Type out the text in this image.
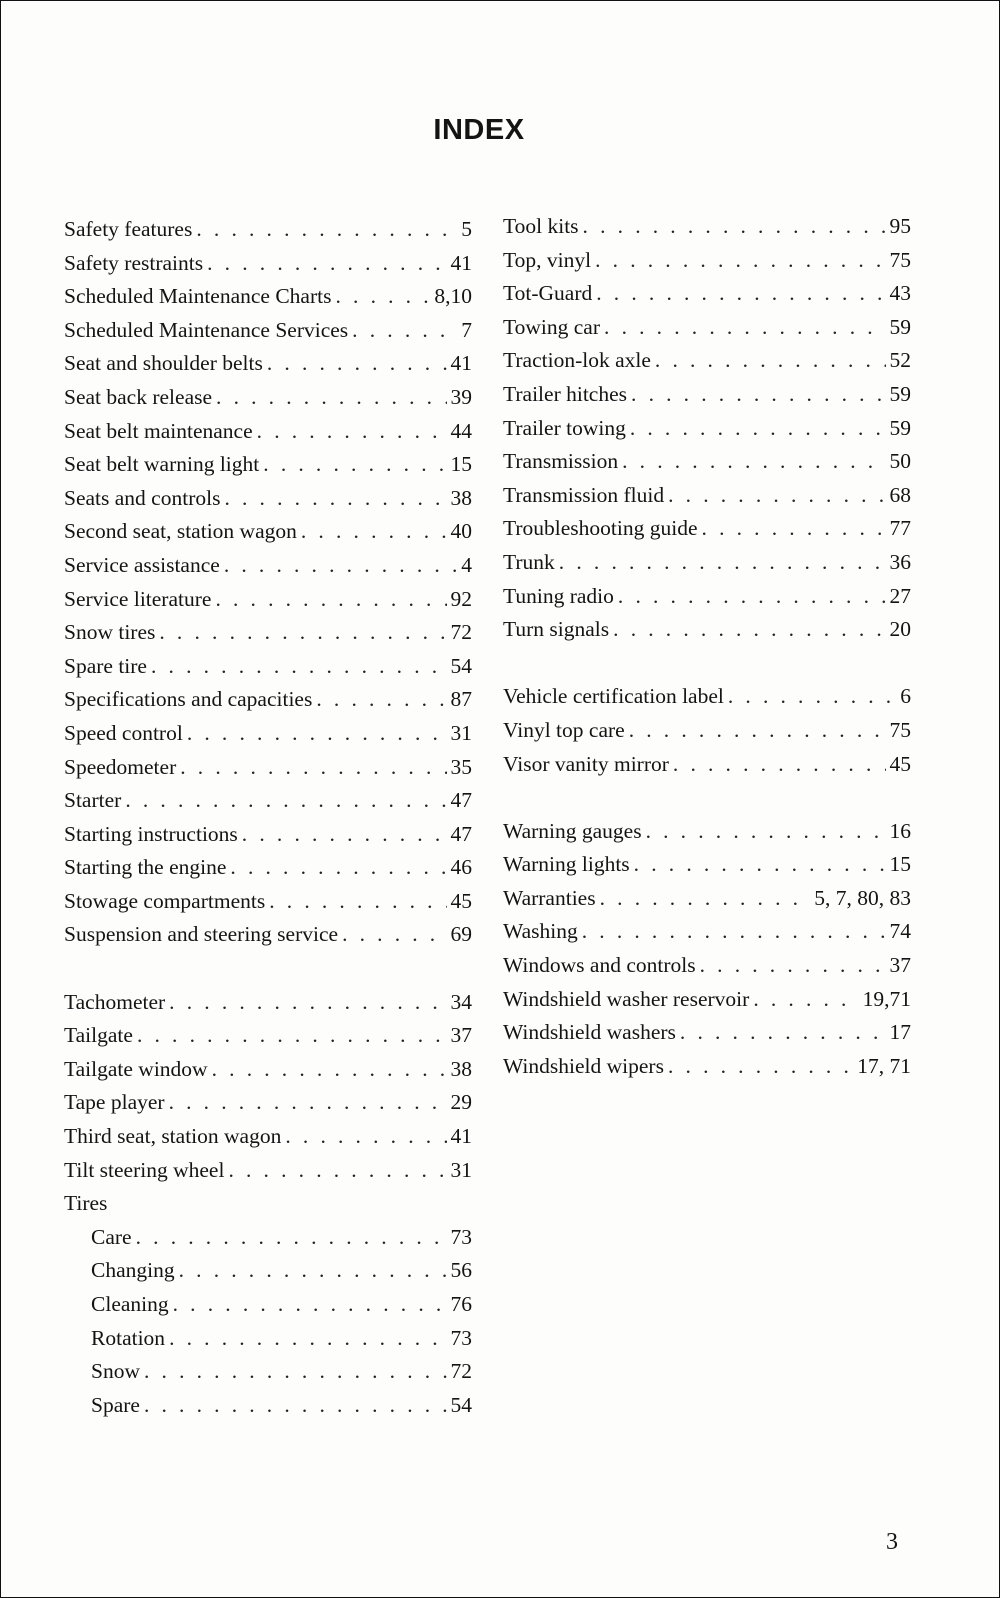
INDEX
Safety features . . .	5
Safety restraints . . .	41
Scheduled Maintenance Charts . . .	8,10
Scheduled Maintenance Services . . .	7
Seat and shoulder belts . . .	41
Seat back release . . .	39
Seat belt maintenance . . .	44
Seat belt warning light . . .	15
Seats and controls . . .	38
Second seat, station wagon . . .	40
Service assistance . . .	4
Service literature . . .	92
Snow tires . . .	72
Spare tire . . .	54
Specifications and capacities . . .	87
Speed control . . .	31
Speedometer . . .	35
Starter . . .	47
Starting instructions . . .	47
Starting the engine . . .	46
Stowage compartments . . .	45
Suspension and steering service . . .	69
Tachometer . . .	34
Tailgate . . .	37
Tailgate window . . .	38
Tape player . . .	29
Third seat, station wagon . . .	41
Tilt steering wheel . . .	31
Tires
Care . . .	73
Changing . . .	56
Cleaning . . .	76
Rotation . . .	73
Snow . . .	72
Spare . . .	54
Tool kits . . .	95
Top, vinyl . . .	75
Tot-Guard . . .	43
Towing car . . .	59
Traction-lok axle . . .	52
Trailer hitches . . .	59
Trailer towing . . .	59
Transmission . . .	50
Transmission fluid . . .	68
Troubleshooting guide . . .	77
Trunk . . .	36
Tuning radio . . .	27
Turn signals . . .	20
Vehicle certification label . . .	6
Vinyl top care . . .	75
Visor vanity mirror . . .	45
Warning gauges . . .	16
Warning lights . . .	15
Warranties . . .	5, 7, 80, 83
Washing . . .	74
Windows and controls . . .	37
Windshield washer reservoir . . .	19,71
Windshield washers . . .	17
Windshield wipers . . .	17, 71
3
